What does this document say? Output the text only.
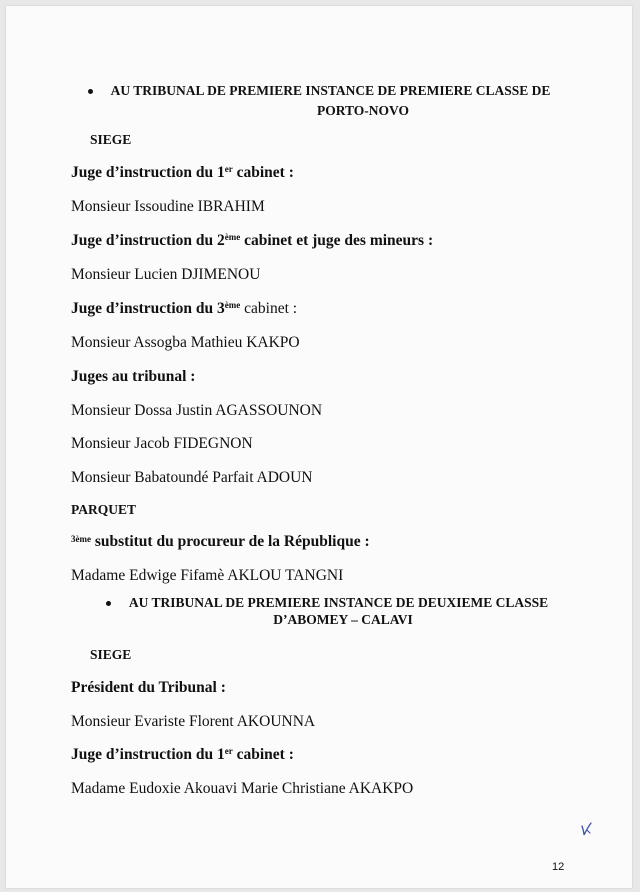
AU TRIBUNAL DE PREMIERE INSTANCE DE PREMIERE CLASSE DE
PORTO-NOVO
SIEGE
Juge d’instruction du 1er cabinet :
Monsieur Issoudine IBRAHIM
Juge d’instruction du 2ème cabinet et juge des mineurs :
Monsieur Lucien DJIMENOU
Juge d’instruction du 3ème cabinet :
Monsieur Assogba Mathieu KAKPO
Juges au tribunal :
Monsieur Dossa Justin AGASSOUNON
Monsieur Jacob FIDEGNON
Monsieur Babatoundé Parfait ADOUN
PARQUET
$^{3ème}$ substitut du procureur de la République :
Madame Edwige Fifamè AKLOU TANGNI
AU TRIBUNAL DE PREMIERE INSTANCE DE DEUXIEME CLASSE
D’ABOMEY – CALAVI
SIEGE
Président du Tribunal :
Monsieur Evariste Florent AKOUNNA
Juge d’instruction du 1er cabinet :
Madame Eudoxie Akouavi Marie Christiane AKAKPO
12
